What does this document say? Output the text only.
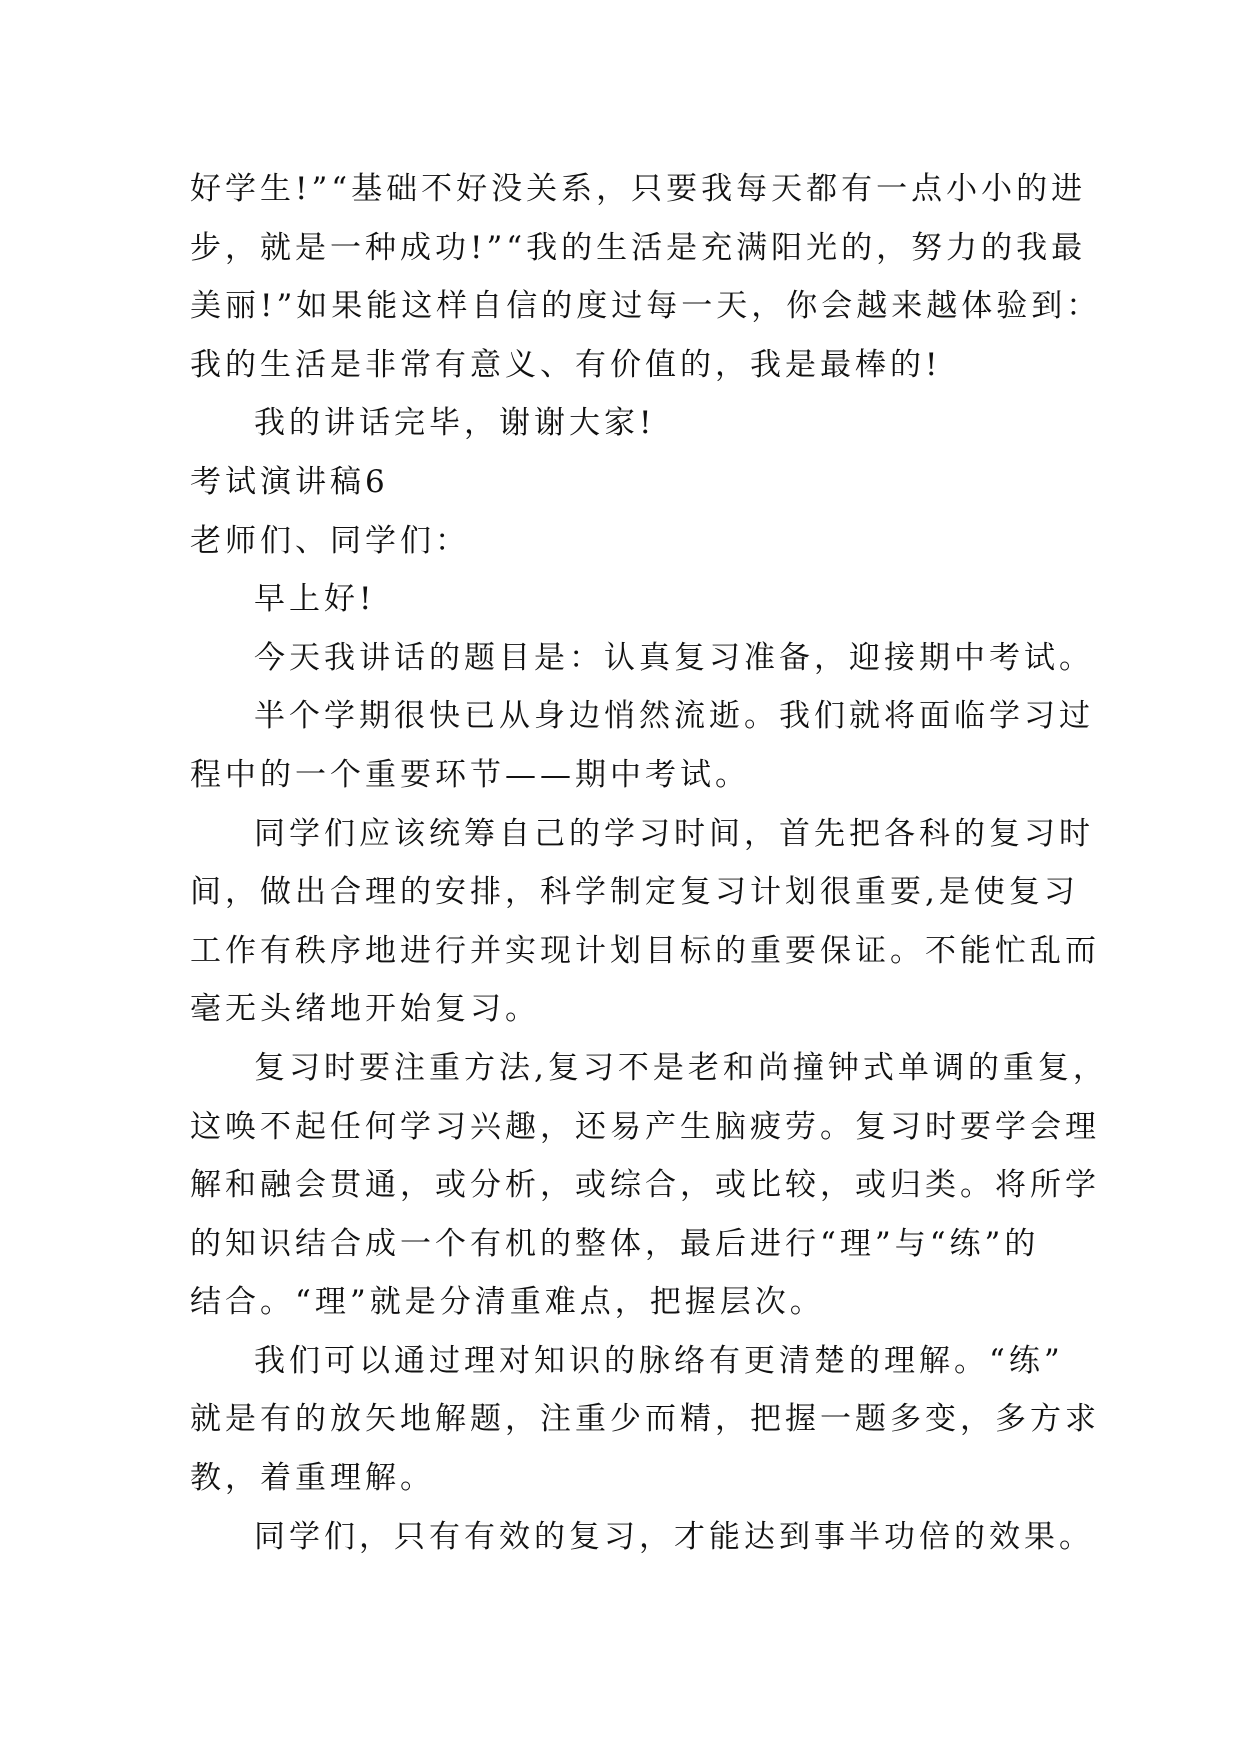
好学生!”“基础不好没关系，只要我每天都有一点小小的进
步，就是一种成功!”“我的生活是充满阳光的，努力的我最
美丽!”如果能这样自信的度过每一天，你会越来越体验到：
我的生活是非常有意义、有价值的，我是最棒的!
我的讲话完毕，谢谢大家!
考试演讲稿6
老师们、同学们：
早上好!
今天我讲话的题目是：认真复习准备，迎接期中考试。
半个学期很快已从身边悄然流逝。我们就将面临学习过
程中的一个重要环节——期中考试。
同学们应该统筹自己的学习时间，首先把各科的复习时
间，做出合理的安排，科学制定复习计划很重要,是使复习
工作有秩序地进行并实现计划目标的重要保证。不能忙乱而
毫无头绪地开始复习。
复习时要注重方法,复习不是老和尚撞钟式单调的重复，
这唤不起任何学习兴趣，还易产生脑疲劳。复习时要学会理
解和融会贯通，或分析，或综合，或比较，或归类。将所学
的知识结合成一个有机的整体，最后进行“理”与“练”的
结合。“理”就是分清重难点，把握层次。
我们可以通过理对知识的脉络有更清楚的理解。“练”
就是有的放矢地解题，注重少而精，把握一题多变，多方求
教，着重理解。
同学们，只有有效的复习，才能达到事半功倍的效果。
